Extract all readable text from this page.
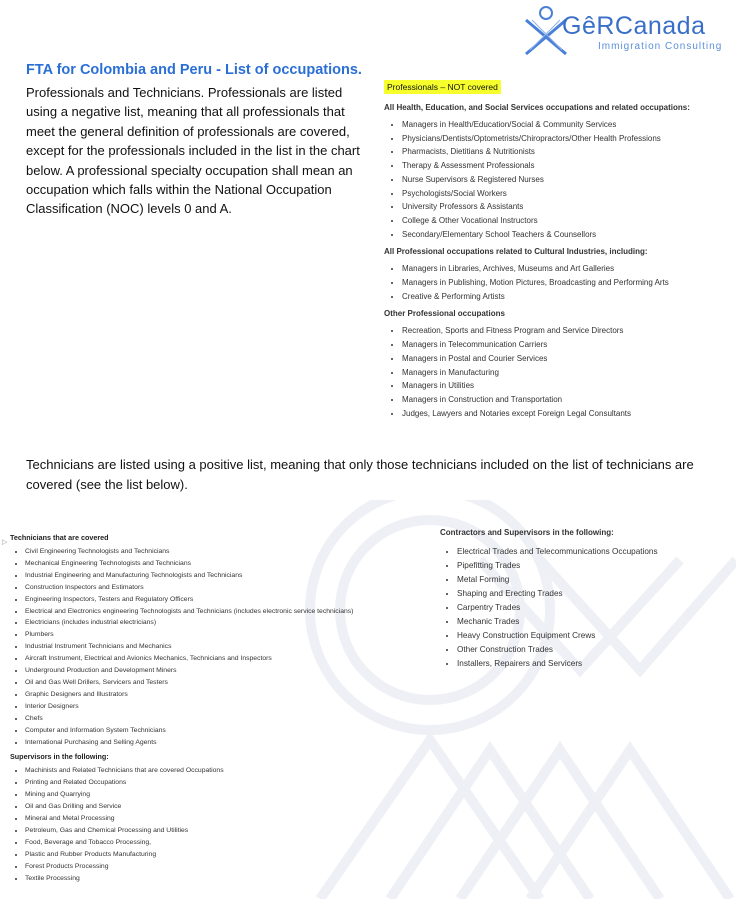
GêRCanada
Immigration Consulting
FTA for Colombia and Peru - List of occupations.
Professionals and Technicians. Professionals are listed using a negative list, meaning that all professionals that meet the general definition of professionals are covered, except for the professionals included in the list in the chart below. A professional specialty occupation shall mean an occupation which falls within the National Occupation Classification (NOC) levels 0 and A.
Professionals – NOT covered

All Health, Education, and Social Services occupations and related occupations:

• Managers in Health/Education/Social & Community Services
• Physicians/Dentists/Optometrists/Chiropractors/Other Health Professions
• Pharmacists, Dietitians & Nutritionists
• Therapy & Assessment Professionals
• Nurse Supervisors & Registered Nurses
• Psychologists/Social Workers
• University Professors & Assistants
• College & Other Vocational Instructors
• Secondary/Elementary School Teachers & Counsellors

All Professional occupations related to Cultural Industries, including:

• Managers in Libraries, Archives, Museums and Art Galleries
• Managers in Publishing, Motion Pictures, Broadcasting and Performing Arts
• Creative & Performing Artists

Other Professional occupations

• Recreation, Sports and Fitness Program and Service Directors
• Managers in Telecommunication Carriers
• Managers in Postal and Courier Services
• Managers in Manufacturing
• Managers in Utilities
• Managers in Construction and Transportation
• Judges, Lawyers and Notaries except Foreign Legal Consultants
Technicians are listed using a positive list, meaning that only those technicians included on the list of technicians are covered (see the list below).
▷

Technicians that are covered

• Civil Engineering Technologists and Technicians
• Mechanical Engineering Technologists and Technicians
• Industrial Engineering and Manufacturing Technologists and Technicians
• Construction Inspectors and Estimators
• Engineering Inspectors, Testers and Regulatory Officers
• Electrical and Electronics engineering Technologists and Technicians (includes electronic service technicians)
• Electricians (includes industrial electricians)
• Plumbers
• Industrial Instrument Technicians and Mechanics
• Aircraft Instrument, Electrical and Avionics Mechanics, Technicians and Inspectors
• Underground Production and Development Miners
• Oil and Gas Well Drillers, Servicers and Testers
• Graphic Designers and Illustrators
• Interior Designers
• Chefs
• Computer and Information System Technicians
• International Purchasing and Selling Agents

Supervisors in the following:

• Machinists and Related Technicians that are covered Occupations
• Printing and Related Occupations
• Mining and Quarrying
• Oil and Gas Drilling and Service
• Mineral and Metal Processing
• Petroleum, Gas and Chemical Processing and Utilities
• Food, Beverage and Tobacco Processing,
• Plastic and Rubber Products Manufacturing
• Forest Products Processing
• Textile Processing

Contractors and Supervisors in the following:

• Electrical Trades and Telecommunications Occupations
• Pipefitting Trades
• Metal Forming
• Shaping and Erecting Trades
• Carpentry Trades
• Mechanic Trades
• Heavy Construction Equipment Crews
• Other Construction Trades
• Installers, Repairers and Servicers
